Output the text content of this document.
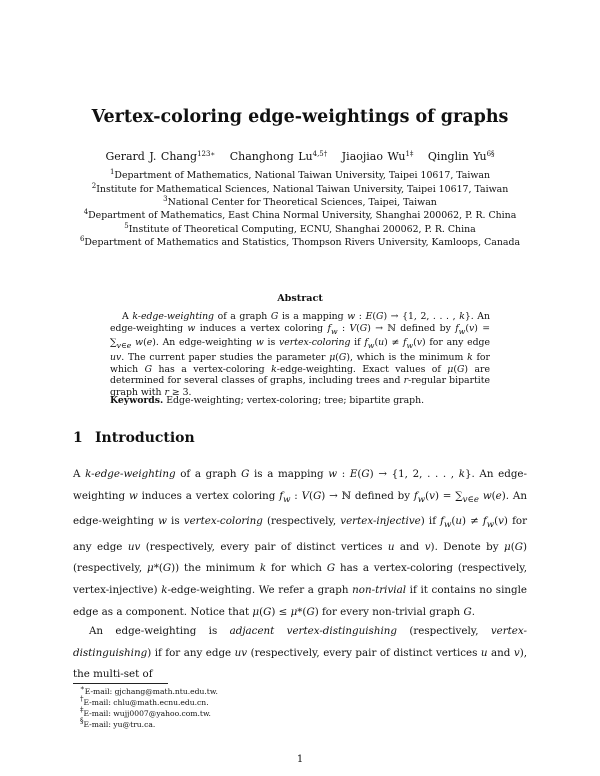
Vertex-coloring edge-weightings of graphs
Gerard J. Chang$^{123∗}$ Changhong $Lu^{4,5\dagger}$ Jiaojiao $Wu^{1\ddagger}$ Qinglin $Yu^{6\S}$
$^1$Department of Mathematics, National Taiwan University, Taipei 10617, Taiwan
$^2$Institute for Mathematical Sciences, National Taiwan University, Taipei 10617, Taiwan
$^3$National Center for Theoretical Sciences, Taipei, Taiwan
$^4$Department of Mathematics, East China Normal University, Shanghai 200062, P. R. China
$^5$Institute of Theoretical Computing, ECNU, Shanghai 200062, P. R. China
$^6$Department of Mathematics and Statistics, Thompson Rivers University, Kamloops, Canada
Abstract

A k-edge-weighting of a graph G is a mapping w : E(G) → {1, 2, . . . , k}. An edge-weighting w induces a vertex coloring $f_w$ : V(G) → ℕ defined by $f_w(v) = \sum_{v\in e}$ w(e). An edge-weighting w is vertex-coloring if $f_w(u) \ne f_w(v)$ for any edge uv. The current paper studies the parameter μ(G), which is the minimum k for which G has a vertex-coloring k-edge-weighting. Exact values of μ(G) are determined for several classes of graphs, including trees and r-regular bipartite graph with r ≥ 3.

Keywords. Edge-weighting; vertex-coloring; tree; bipartite graph.
1 Introduction
A k-edge-weighting of a graph G is a mapping w : E(G) → {1, 2, . . . , k}. An edge-weighting w induces a vertex coloring $f_w$ : V(G) → ℕ defined by $f_w(v) = \sum_{v\in e}$ w(e). An edge-weighting w is vertex-coloring (respectively, vertex-injective) if $f_w(u) \ne f_w(v)$ for any edge uv (respectively, every pair of distinct vertices u and v). Denote by μ(G) (respectively, μ*(G)) the minimum k for which G has a vertex-coloring (respectively, vertex-injective) k-edge-weighting. We refer a graph non-trivial if it contains no single edge as a component. Notice that μ(G) ≤ μ*(G) for every non-trivial graph G.
An edge-weighting is adjacent vertex-distinguishing (respectively, vertex-distinguishing) if for any edge uv (respectively, every pair of distinct vertices u and v), the multi-set of
∗E-mail: gjchang@math.ntu.edu.tw.
†E-mail: chlu@math.ecnu.edu.cn.
‡E-mail: wujj0007@yahoo.com.tw.
§E-mail: yu@tru.ca.
1
